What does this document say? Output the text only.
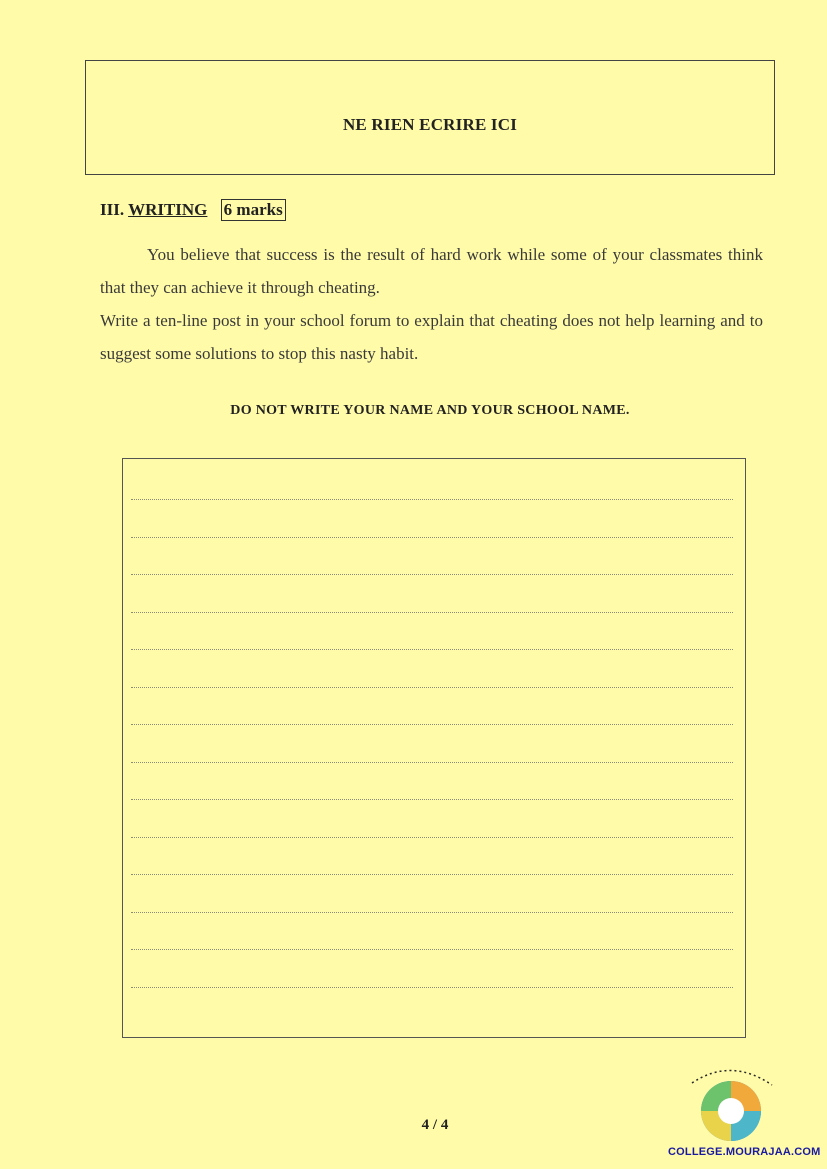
NE RIEN ECRIRE ICI
III. WRITING 6 marks

You believe that success is the result of hard work while some of your classmates think that they can achieve it through cheating.

Write a ten-line post in your school forum to explain that cheating does not help learning and to suggest some solutions to stop this nasty habit.

DO NOT WRITE YOUR NAME AND YOUR SCHOOL NAME.
4 / 4
COLLEGE.MOURAJAA.COM
